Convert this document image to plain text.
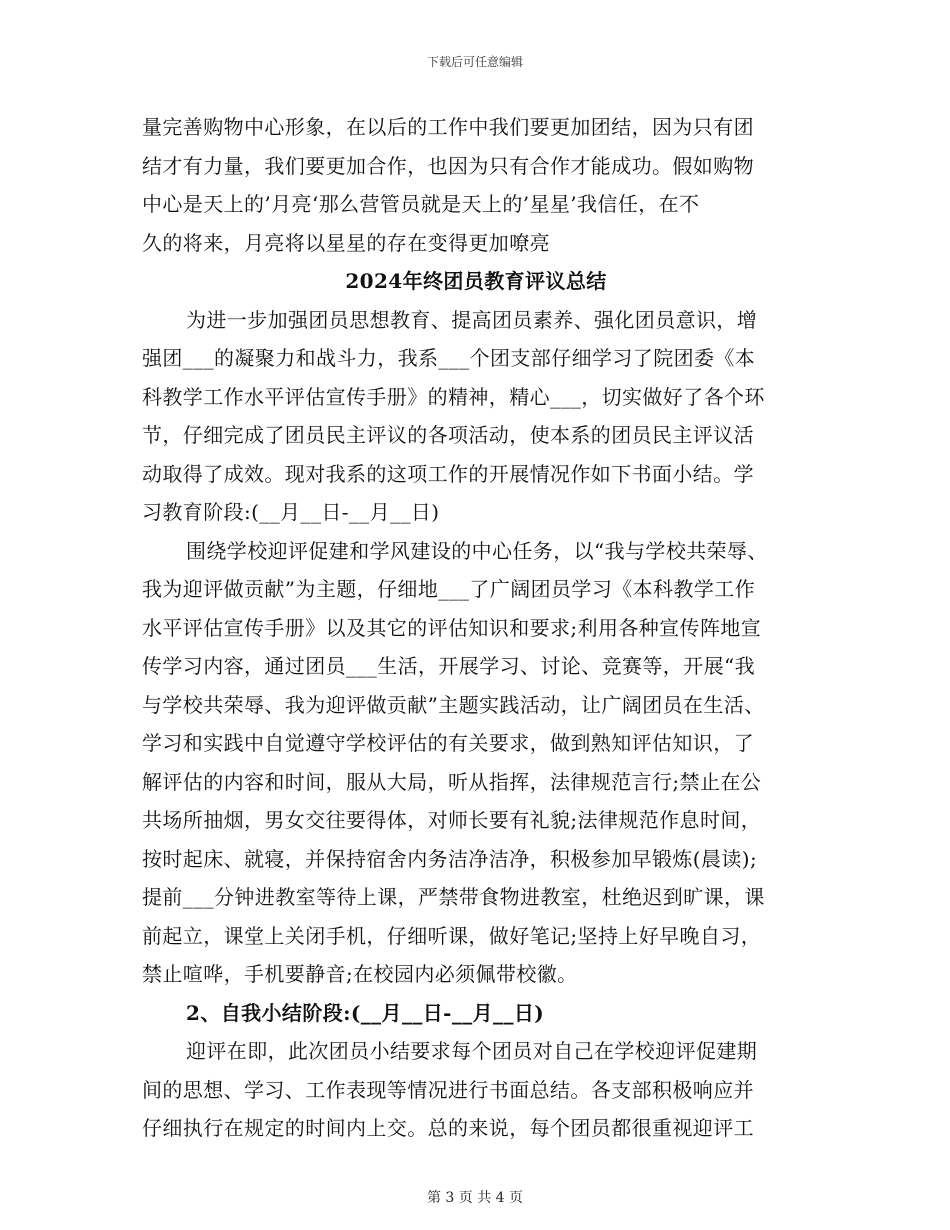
下载后可任意编辑
量完善购物中心形象，在以后的工作中我们要更加团结，因为只有团
结才有力量，我们要更加合作，也因为只有合作才能成功。假如购物
中心是天上的’月亮‘那么营管员就是天上的’星星’我信任，在不
久的将来，月亮将以星星的存在变得更加嘹亮
2024年终团员教育评议总结
为进一步加强团员思想教育、提高团员素养、强化团员意识，增
强团___的凝聚力和战斗力，我系___个团支部仔细学习了院团委《本
科教学工作水平评估宣传手册》的精神，精心___，切实做好了各个环
节，仔细完成了团员民主评议的各项活动，使本系的团员民主评议活
动取得了成效。现对我系的这项工作的开展情况作如下书面小结。学
习教育阶段:(__月__日-__月__日)
围绕学校迎评促建和学风建设的中心任务，以“我与学校共荣辱、
我为迎评做贡献”为主题，仔细地___了广阔团员学习《本科教学工作
水平评估宣传手册》以及其它的评估知识和要求;利用各种宣传阵地宣
传学习内容，通过团员___生活，开展学习、讨论、竞赛等，开展“我
与学校共荣辱、我为迎评做贡献”主题实践活动，让广阔团员在生活、
学习和实践中自觉遵守学校评估的有关要求，做到熟知评估知识，了
解评估的内容和时间，服从大局，听从指挥，法律规范言行;禁止在公
共场所抽烟，男女交往要得体，对师长要有礼貌;法律规范作息时间，
按时起床、就寝，并保持宿舍内务洁净洁净，积极参加早锻炼(晨读);
提前___分钟进教室等待上课，严禁带食物进教室，杜绝迟到旷课，课
前起立，课堂上关闭手机，仔细听课，做好笔记;坚持上好早晚自习，
禁止喧哗，手机要静音;在校园内必须佩带校徽。
2、自我小结阶段:(__月__日-__月__日)
迎评在即，此次团员小结要求每个团员对自己在学校迎评促建期
间的思想、学习、工作表现等情况进行书面总结。各支部积极响应并
仔细执行在规定的时间内上交。总的来说，每个团员都很重视迎评工
第 3 页 共 4 页
